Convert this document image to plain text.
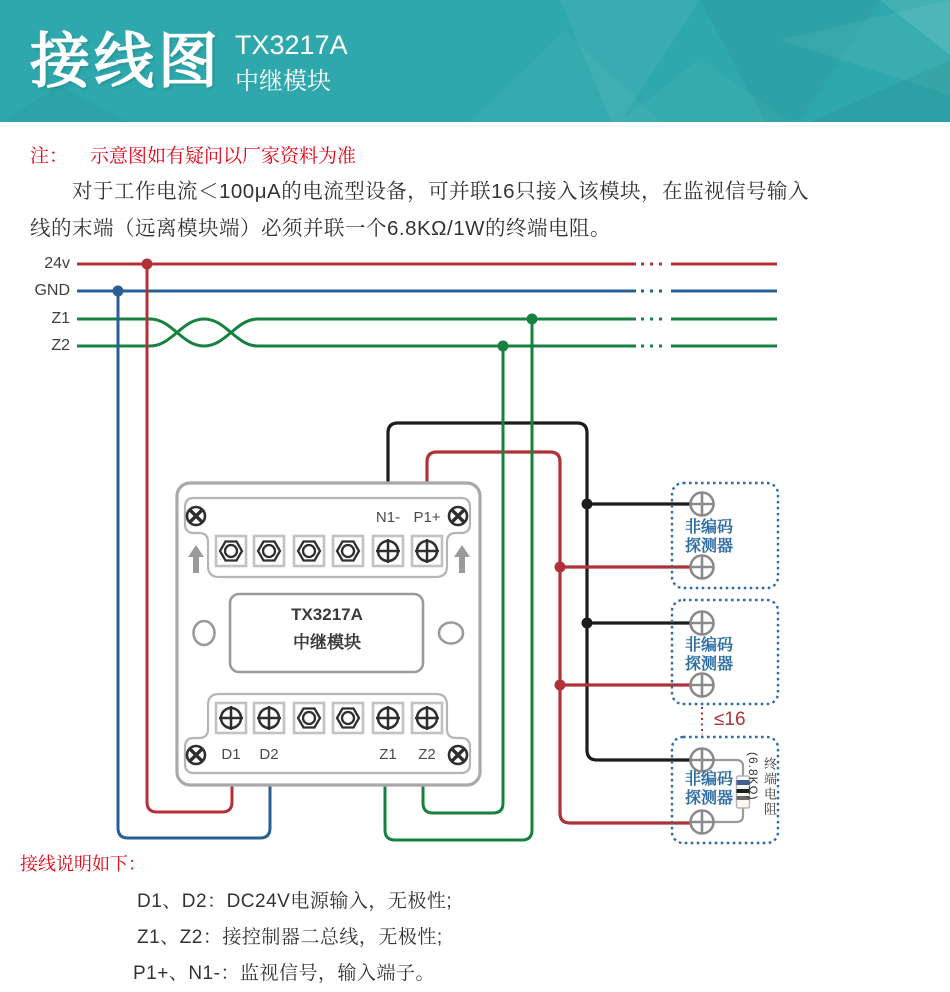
接线图 TX3217A
中继模块
注： 示意图如有疑问以厂家资料为准
对于工作电流＜100μA的电流型设备，可并联16只接入该模块，在监视信号输入
线的末端（远离模块端）必须并联一个6.8KΩ/1W的终端电阻。
24v
GND
Z1
Z2
N1- P1+
TX3217A
中继模块
D1	D2	Z1	Z2
非编码
探测器
非编码
探测器
非编码
探测器
≤16
(6.8KΩ) 终端电阻
接线说明如下：
D1、D2：DC24V电源输入，无极性;
Z1、Z2：接控制器二总线，无极性;
P1+、N1-：监视信号，输入端子。
